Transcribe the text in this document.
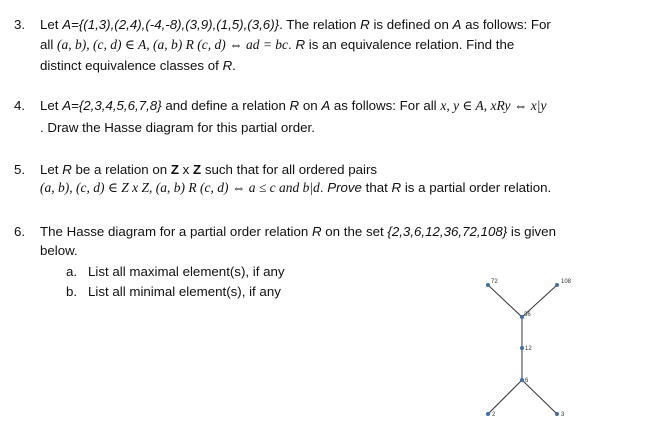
3. Let A={(1,3),(2,4),(-4,-8),(3,9),(1,5),(3,6)}. The relation R is defined on A as follows: For
all (a, b), (c, d) ∈ A, (a, b) R (c, d) ⇔ ad = bc. R is an equivalence relation. Find the
distinct equivalence classes of R.
4. Let A={2,3,4,5,6,7,8} and define a relation R on A as follows: For all x, y ∈ A, xRy ⇔ x|y
. Draw the Hasse diagram for this partial order.
5. Let R be a relation on Z x Z such that for all ordered pairs
(a, b), (c, d) ∈ Z x Z, (a, b) R (c, d) ⇔ a ≤ c and b|d. Prove that R is a partial order relation.
6. The Hasse diagram for a partial order relation R on the set {2,3,6,12,36,72,108} is given
below.
a. List all maximal element(s), if any
b. List all minimal element(s), if any
72	108
36
12
6
2	3
